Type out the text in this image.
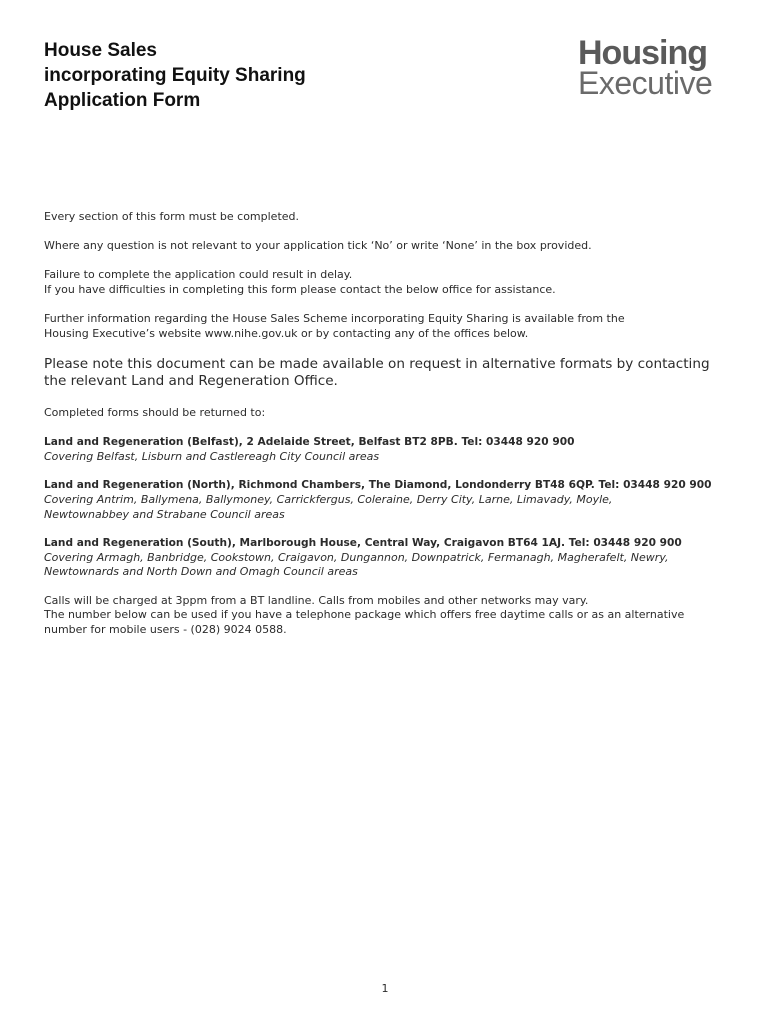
House Sales
incorporating Equity Sharing
Application Form
Housing
Executive

Every section of this form must be completed.

Where any question is not relevant to your application tick ‘No’ or write ‘None’ in the box provided.

Failure to complete the application could result in delay.
If you have difficulties in completing this form please contact the below office for assistance.

Further information regarding the House Sales Scheme incorporating Equity Sharing is available from the
Housing Executive’s website www.nihe.gov.uk or by contacting any of the offices below.

Please note this document can be made available on request in alternative formats by contacting
the relevant Land and Regeneration Office.

Completed forms should be returned to:

Land and Regeneration (Belfast), 2 Adelaide Street, Belfast BT2 8PB. Tel: 03448 920 900
Covering Belfast, Lisburn and Castlereagh City Council areas
Land and Regeneration (North), Richmond Chambers, The Diamond, Londonderry BT48 6QP. Tel: 03448 920 900
Covering Antrim, Ballymena, Ballymoney, Carrickfergus, Coleraine, Derry City, Larne, Limavady, Moyle,
Newtownabbey and Strabane Council areas
Land and Regeneration (South), Marlborough House, Central Way, Craigavon BT64 1AJ. Tel: 03448 920 900
Covering Armagh, Banbridge, Cookstown, Craigavon, Dungannon, Downpatrick, Fermanagh, Magherafelt, Newry,
Newtownards and North Down and Omagh Council areas

Calls will be charged at 3ppm from a BT landline. Calls from mobiles and other networks may vary.
The number below can be used if you have a telephone package which offers free daytime calls or as an alternative
number for mobile users - (028) 9024 0588.

1
